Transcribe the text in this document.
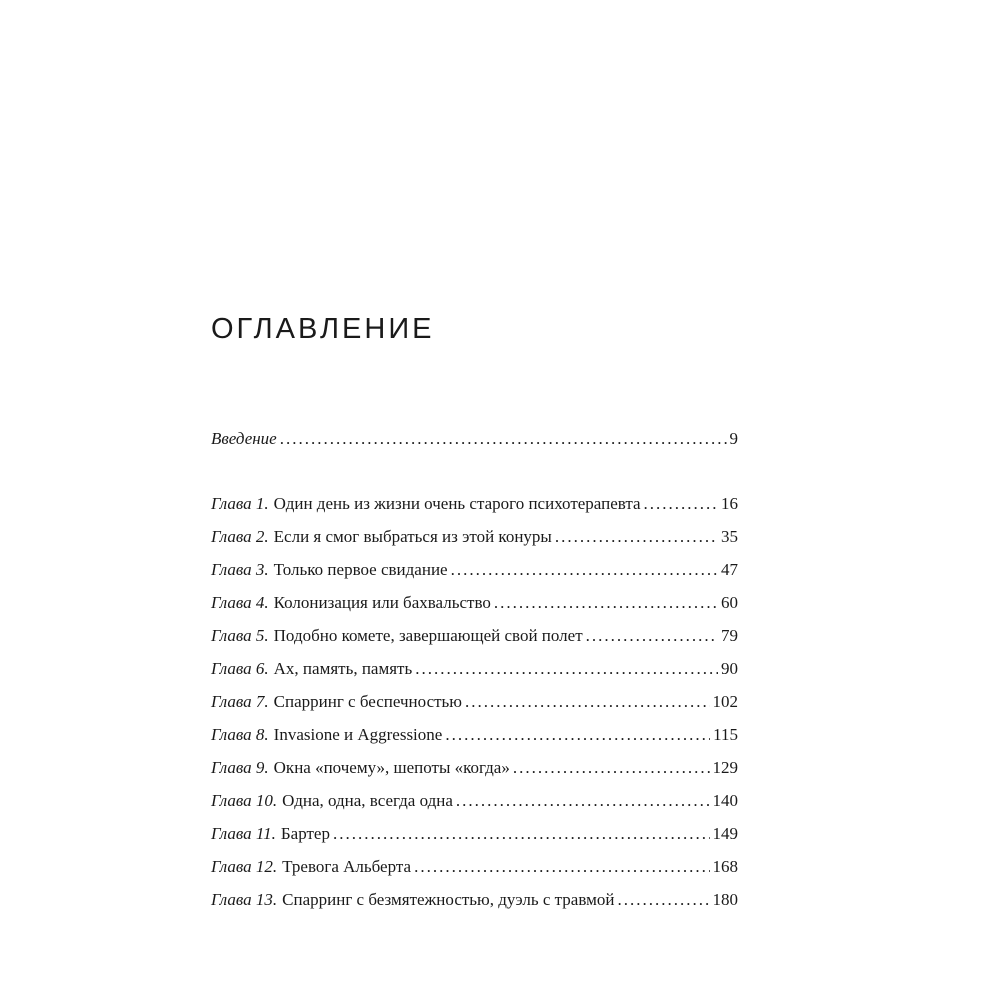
ОГЛАВЛЕНИЕ
Введение .....	9
Глава 1. Один день из жизни очень старого психотерапевта .....	16
Глава 2. Если я смог выбраться из этой конуры .....	35
Глава 3. Только первое свидание .....	47
Глава 4. Колонизация или бахвальство .....	60
Глава 5. Подобно комете, завершающей свой полет .....	79
Глава 6. Ах, память, память .....	90
Глава 7. Спарринг с беспечностью .....	102
Глава 8. Invasione и Aggressione .....	115
Глава 9. Окна «почему», шепоты «когда» .....	129
Глава 10. Одна, одна, всегда одна .....	140
Глава 11. Бартер .....	149
Глава 12. Тревога Альберта .....	168
Глава 13. Спарринг с безмятежностью, дуэль с травмой .....	180
